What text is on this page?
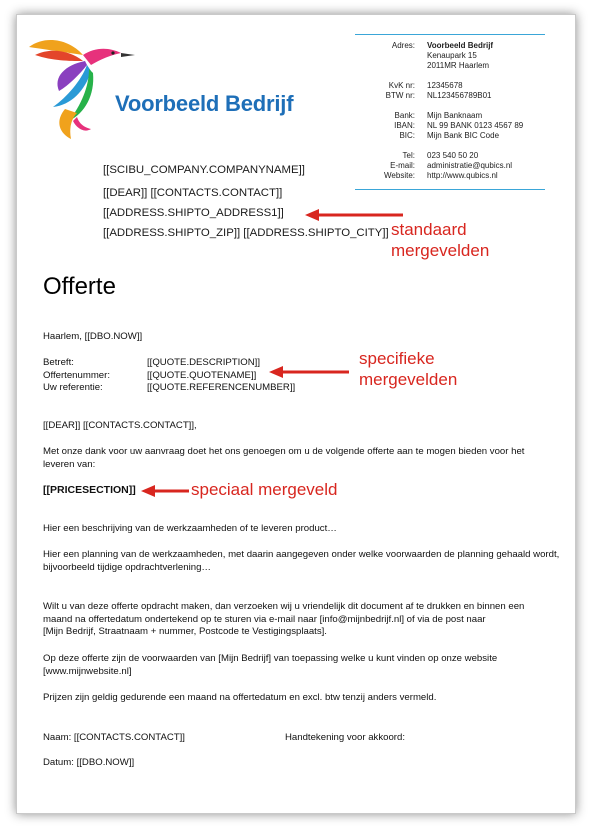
Voorbeeld Bedrijf
Adres:	Voorbeeld Bedrijf
Kenaupark 15
2011MR Haarlem
KvK nr:	12345678
BTW nr:	NL123456789B01
Bank:	Mijn Banknaam
IBAN:	NL 99 BANK 0123 4567 89
BIC:	Mijn Bank BIC Code
Tel:	023 540 50 20
E-mail:	administratie@qubics.nl
Website:	http://www.qubics.nl
[[SCIBU_COMPANY.COMPANYNAME]]
[[DEAR]] [[CONTACTS.CONTACT]]
[[ADDRESS.SHIPTO_ADDRESS1]]
[[ADDRESS.SHIPTO_ZIP]] [[ADDRESS.SHIPTO_CITY]] standaard
mergevelden
Offerte
Haarlem, [[DBO.NOW]]
Betreft:	[[QUOTE.DESCRIPTION]]
Offertenummer:	[[QUOTE.QUOTENAME]]
Uw referentie:	[[QUOTE.REFERENCENUMBER]]
specifieke
mergevelden
[[DEAR]] [[CONTACTS.CONTACT]],
Met onze dank voor uw aanvraag doet het ons genoegen om u de volgende offerte aan te mogen bieden voor het leveren van:
[[PRICESECTION]]	speciaal mergeveld
Hier een beschrijving van de werkzaamheden of te leveren product…
Hier een planning van de werkzaamheden, met daarin aangegeven onder welke voorwaarden de planning gehaald wordt, bijvoorbeeld tijdige opdrachtverlening…
Wilt u van deze offerte opdracht maken, dan verzoeken wij u vriendelijk dit document af te drukken en binnen een
maand na offertedatum ondertekend op te sturen via e-mail naar [info@mijnbedrijf.nl] of via de post naar
[Mijn Bedrijf, Straatnaam + nummer, Postcode te Vestigingsplaats].
Op deze offerte zijn de voorwaarden van [Mijn Bedrijf] van toepassing welke u kunt vinden op onze website
[www.mijnwebsite.nl]
Prijzen zijn geldig gedurende een maand na offertedatum en excl. btw tenzij anders vermeld.
Naam: [[CONTACTS.CONTACT]]	Handtekening voor akkoord:
Datum: [[DBO.NOW]]
